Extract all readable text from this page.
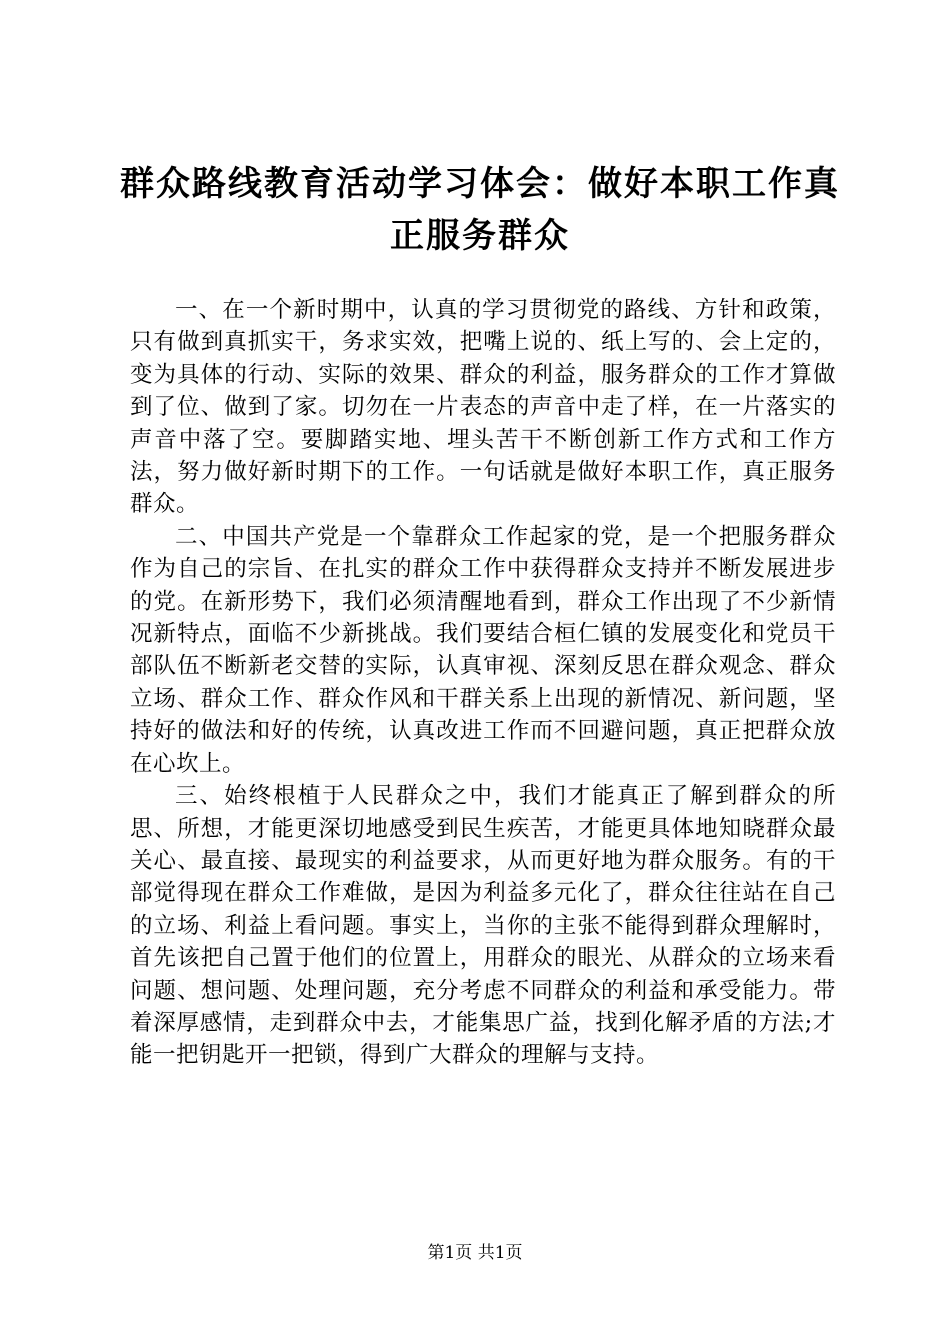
群众路线教育活动学习体会：做好本职工作真
正服务群众

一、在一个新时期中，认真的学习贯彻党的路线、方针和政策，只有做到真抓实干，务求实效，把嘴上说的、纸上写的、会上定的，变为具体的行动、实际的效果、群众的利益，服务群众的工作才算做到了位、做到了家。切勿在一片表态的声音中走了样，在一片落实的声音中落了空。要脚踏实地、埋头苦干不断创新工作方式和工作方法，努力做好新时期下的工作。一句话就是做好本职工作，真正服务群众。

二、中国共产党是一个靠群众工作起家的党，是一个把服务群众作为自己的宗旨、在扎实的群众工作中获得群众支持并不断发展进步的党。在新形势下，我们必须清醒地看到，群众工作出现了不少新情况新特点，面临不少新挑战。我们要结合桓仁镇的发展变化和党员干部队伍不断新老交替的实际，认真审视、深刻反思在群众观念、群众立场、群众工作、群众作风和干群关系上出现的新情况、新问题，坚持好的做法和好的传统，认真改进工作而不回避问题，真正把群众放在心坎上。

三、始终根植于人民群众之中，我们才能真正了解到群众的所思、所想，才能更深切地感受到民生疾苦，才能更具体地知晓群众最关心、最直接、最现实的利益要求，从而更好地为群众服务。有的干部觉得现在群众工作难做，是因为利益多元化了，群众往往站在自己的立场、利益上看问题。事实上，当你的主张不能得到群众理解时，首先该把自己置于他们的位置上，用群众的眼光、从群众的立场来看问题、想问题、处理问题，充分考虑不同群众的利益和承受能力。带着深厚感情，走到群众中去，才能集思广益，找到化解矛盾的方法;才能一把钥匙开一把锁，得到广大群众的理解与支持。

第1页 共1页
